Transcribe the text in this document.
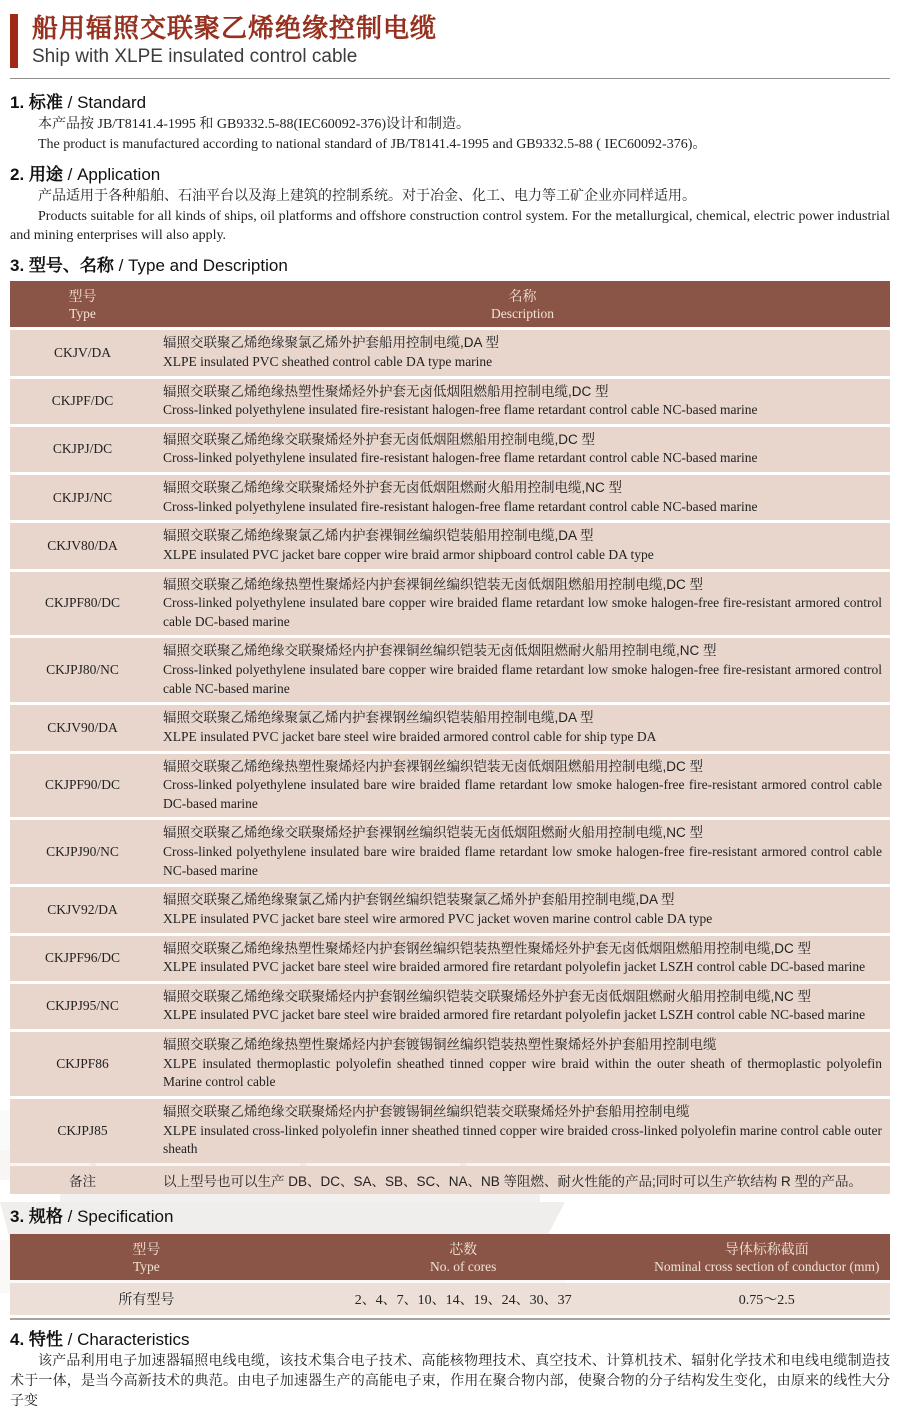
船用辐照交联聚乙烯绝缘控制电缆
Ship with XLPE insulated control cable
1. 标准 / Standard

本产品按 JB/T8141.4-1995 和 GB9332.5-88(IEC60092-376)设计和制造。

The product is manufactured according to national standard of JB/T8141.4-1995 and GB9332.5-88 ( IEC60092-376)。

2. 用途 / Application

产品适用于各种船舶、石油平台以及海上建筑的控制系统。对于冶金、化工、电力等工矿企业亦同样适用。

Products suitable for all kinds of ships, oil platforms and offshore construction control system. For the metallurgical, chemical, electric power industrial and mining enterprises will also apply.

3. 型号、名称 / Type and Description
型号
Type	名称
Description

CKJV/DA	辐照交联聚乙烯绝缘聚氯乙烯外护套船用控制电缆,DA 型
XLPE insulated PVC sheathed control cable DA type marine

CKJPF/DC	辐照交联聚乙烯绝缘热塑性聚烯烃外护套无卤低烟阻燃船用控制电缆,DC 型
Cross-linked polyethylene insulated fire-resistant halogen-free flame retardant control cable NC-based marine

CKJPJ/DC	辐照交联聚乙烯绝缘交联聚烯烃外护套无卤低烟阻燃船用控制电缆,DC 型
Cross-linked polyethylene insulated fire-resistant halogen-free flame retardant control cable NC-based marine

CKJPJ/NC	辐照交联聚乙烯绝缘交联聚烯烃外护套无卤低烟阻燃耐火船用控制电缆,NC 型
Cross-linked polyethylene insulated fire-resistant halogen-free flame retardant control cable NC-based marine

CKJV80/DA	辐照交联聚乙烯绝缘聚氯乙烯内护套裸铜丝编织铠装船用控制电缆,DA 型
XLPE insulated PVC jacket bare copper wire braid armor shipboard control cable DA type

CKJPF80/DC	辐照交联聚乙烯绝缘热塑性聚烯烃内护套裸铜丝编织铠装无卤低烟阻燃船用控制电缆,DC 型
Cross-linked polyethylene insulated bare copper wire braided flame retardant low smoke halogen-free fire-resistant armored control cable DC-based marine

CKJPJ80/NC	辐照交联聚乙烯绝缘交联聚烯烃内护套裸铜丝编织铠装无卤低烟阻燃耐火船用控制电缆,NC 型
Cross-linked polyethylene insulated bare copper wire braided flame retardant low smoke halogen-free fire-resistant armored control cable NC-based marine

CKJV90/DA	辐照交联聚乙烯绝缘聚氯乙烯内护套裸钢丝编织铠装船用控制电缆,DA 型
XLPE insulated PVC jacket bare steel wire braided armored control cable for ship type DA

CKJPF90/DC	辐照交联聚乙烯绝缘热塑性聚烯烃内护套裸钢丝编织铠装无卤低烟阻燃船用控制电缆,DC 型
Cross-linked polyethylene insulated bare wire braided flame retardant low smoke halogen-free fire-resistant armored control cable DC-based marine

CKJPJ90/NC	辐照交联聚乙烯绝缘交联聚烯烃护套裸钢丝编织铠装无卤低烟阻燃耐火船用控制电缆,NC 型
Cross-linked polyethylene insulated bare wire braided flame retardant low smoke halogen-free fire-resistant armored control cable NC-based marine

CKJV92/DA	辐照交联聚乙烯绝缘聚氯乙烯内护套钢丝编织铠装聚氯乙烯外护套船用控制电缆,DA 型
XLPE insulated PVC jacket bare steel wire armored PVC jacket woven marine control cable DA type

CKJPF96/DC	辐照交联聚乙烯绝缘热塑性聚烯烃内护套钢丝编织铠装热塑性聚烯烃外护套无卤低烟阻燃船用控制电缆,DC 型
XLPE insulated PVC jacket bare steel wire braided armored fire retardant polyolefin jacket LSZH control cable DC-based marine

CKJPJ95/NC	辐照交联聚乙烯绝缘交联聚烯烃内护套钢丝编织铠装交联聚烯烃外护套无卤低烟阻燃耐火船用控制电缆,NC 型
XLPE insulated PVC jacket bare steel wire braided armored fire retardant polyolefin jacket LSZH control cable NC-based marine

CKJPF86	辐照交联聚乙烯绝缘热塑性聚烯烃内护套镀锡铜丝编织铠装热塑性聚烯烃外护套船用控制电缆
XLPE insulated thermoplastic polyolefin sheathed tinned copper wire braid within the outer sheath of thermoplastic polyolefin Marine control cable

CKJPJ85	辐照交联聚乙烯绝缘交联聚烯烃内护套镀锡铜丝编织铠装交联聚烯烃外护套船用控制电缆
XLPE insulated cross-linked polyolefin inner sheathed tinned copper wire braided cross-linked polyolefin marine control cable outer sheath

备注	以上型号也可以生产 DB、DC、SA、SB、SC、NA、NB 等阻燃、耐火性能的产品;同时可以生产软结构 R 型的产品。
3. 规格 / Specification
型号
Type	芯数
No. of cores	导体标称截面
Nominal cross section of conductor (mm)

所有型号	2、4、7、10、14、19、24、30、37	0.75～2.5
4. 特性 / Characteristics

该产品利用电子加速器辐照电线电缆，该技术集合电子技术、高能核物理技术、真空技术、计算机技术、辐射化学技术和电线电缆制造技术于一体，是当今高新技术的典范。由电子加速器生产的高能电子束，作用在聚合物内部，使聚合物的分子结构发生变化，由原来的线性大分子变
